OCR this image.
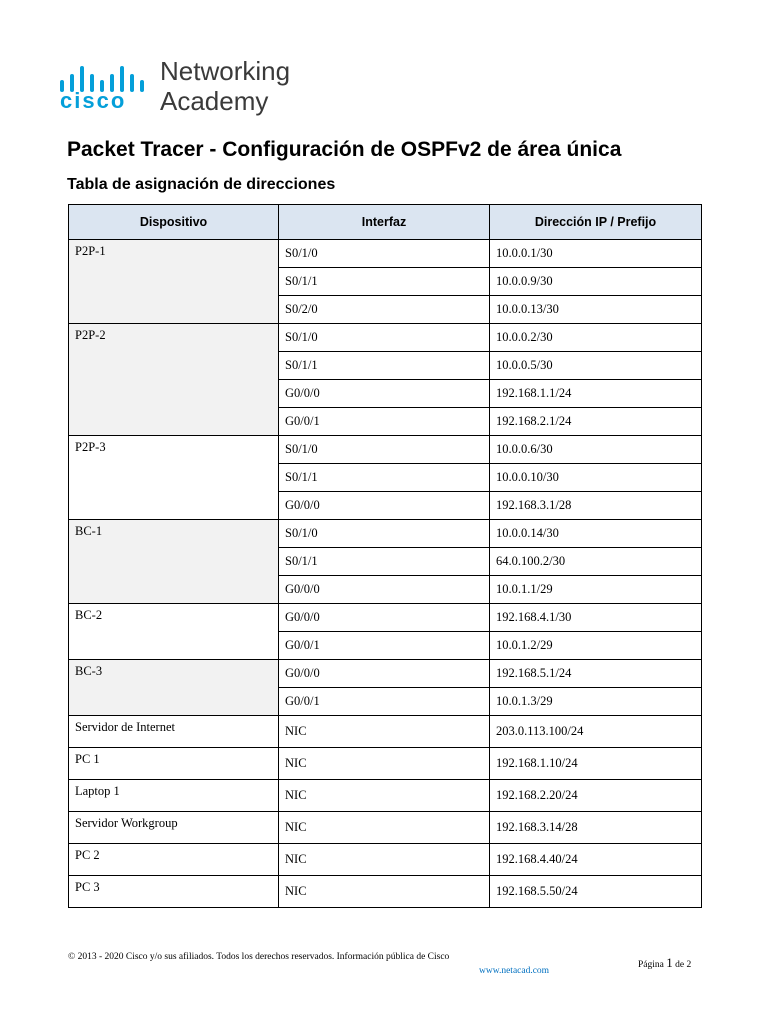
cisco
Networking
Academy
Packet Tracer - Configuración de OSPFv2 de área única
Tabla de asignación de direcciones
Dispositivo	Interfaz	Dirección IP / Prefijo
P2P-1	S0/1/0	10.0.0.1/30
	S0/1/1	10.0.0.9/30
	S0/2/0	10.0.0.13/30
P2P-2	S0/1/0	10.0.0.2/30
	S0/1/1	10.0.0.5/30
	G0/0/0	192.168.1.1/24
	G0/0/1	192.168.2.1/24
P2P-3	S0/1/0	10.0.0.6/30
	S0/1/1	10.0.0.10/30
	G0/0/0	192.168.3.1/28
BC-1	S0/1/0	10.0.0.14/30
	S0/1/1	64.0.100.2/30
	G0/0/0	10.0.1.1/29
BC-2	G0/0/0	192.168.4.1/30
	G0/0/1	10.0.1.2/29
BC-3	G0/0/0	192.168.5.1/24
	G0/0/1	10.0.1.3/29
Servidor de Internet	NIC	203.0.113.100/24
PC 1	NIC	192.168.1.10/24
Laptop 1	NIC	192.168.2.20/24
Servidor Workgroup	NIC	192.168.3.14/28
PC 2	NIC	192.168.4.40/24
PC 3	NIC	192.168.5.50/24
© 2013 - 2020 Cisco y/o sus afiliados. Todos los derechos reservados. Información pública de Cisco
www.netacad.com
Página 1 de 2
